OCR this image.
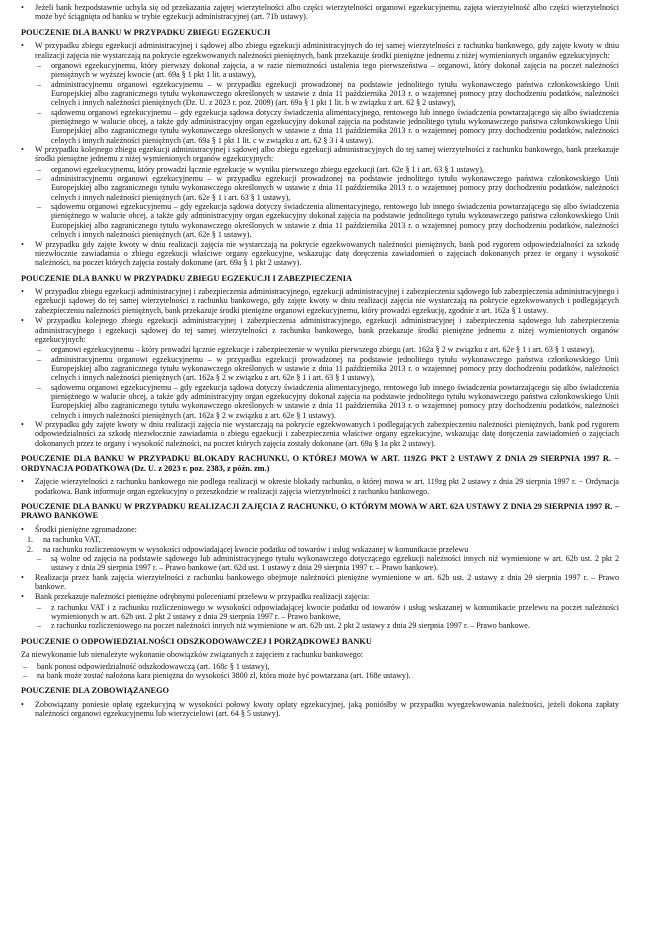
•	Jeżeli bank bezpodstawnie uchyla się od przekazania zajętej wierzytelności albo części wierzytelności organowi egzekucyjnemu, zajęta wierzytelność albo części wierzytelności może być ściągnięta od banku w trybie egzekucji administracyjnej (art. 71b ustawy).
POUCZENIE DLA BANKU W PRZYPADKU ZBIEGU EGZEKUCJI
•	W przypadku zbiegu egzekucji administracyjnej i sądowej albo zbiegu egzekucji administracyjnych do tej samej wierzytelności z rachunku bankowego, gdy zajęte kwoty w dniu realizacji zajęcia nie wystarczają na pokrycie egzekwowanych należności pieniężnych, bank przekazuje środki pieniężne jednemu z niżej wymienionych organów egzekucyjnych:
– organowi egzekucyjnemu, który pierwszy dokonał zajęcia, a w razie niemożności ustalenia tego pierwszeństwa – organowi, który dokonał zajęcia na poczet należności pieniężnych w wyższej kwocie (art. 69a § 1 pkt 1 lit. a ustawy),
– administracyjnemu organowi egzekucyjnemu – w przypadku egzekucji prowadzonej na podstawie jednolitego tytułu wykonawczego państwa członkowskiego Unii Europejskiej albo zagranicznego tytułu wykonawczego określonych w ustawie z dnia 11 października 2013 r. o wzajemnej pomocy przy dochodzeniu podatków, należności celnych i innych należności pieniężnych (Dz. U. z 2023 r. poz. 2009) (art. 69a § 1 pkt 1 lit. b w związku z art. 62 § 2 ustawy),
– sądowemu organowi egzekucyjnemu – gdy egzekucja sądowa dotyczy świadczenia alimentacyjnego, rentowego lub innego świadczenia powtarzającego się albo świadczenia pieniężnego w walucie obcej, a także gdy administracyjny organ egzekucyjny dokonał zajęcia na podstawie jednolitego tytułu wykonawczego państwa członkowskiego Unii Europejskiej albo zagranicznego tytułu wykonawczego określonych w ustawie z dnia 11 października 2013 r. o wzajemnej pomocy przy dochodzeniu podatków, należności celnych i innych należności pieniężnych (art. 69a § 1 pkt 1 lit. c w związku z art. 62 § 3 i 4 ustawy).
•	W przypadku kolejnego zbiegu egzekucji administracyjnej i sądowej albo zbiegu egzekucji administracyjnych do tej samej wierzytelności z rachunku bankowego, bank przekazuje środki pieniężne jednemu z niżej wymienionych organów egzekucyjnych:
– organowi egzekucyjnemu, który prowadzi łącznie egzekucje w wyniku pierwszego zbiegu egzekucji (art. 62e § 1 i art. 63 § 1 ustawy),
– administracyjnemu organowi egzekucyjnemu – w przypadku egzekucji prowadzonej na podstawie jednolitego tytułu wykonawczego państwa członkowskiego Unii Europejskiej albo zagranicznego tytułu wykonawczego określonych w ustawie z dnia 11 października 2013 r. o wzajemnej pomocy przy dochodzeniu podatków, należności celnych i innych należności pieniężnych (art. 62e § 1 i art. 63 § 1 ustawy),
– sądowemu organowi egzekucyjnemu – gdy egzekucja sądowa dotyczy świadczenia alimentacyjnego, rentowego lub innego świadczenia powtarzającego się albo świadczenia pieniężnego w walucie obcej, a także gdy administracyjny organ egzekucyjny dokonał zajęcia na podstawie jednolitego tytułu wykonawczego państwa członkowskiego Unii Europejskiej albo zagranicznego tytułu wykonawczego określonych w ustawie z dnia 11 października 2013 r. o wzajemnej pomocy przy dochodzeniu podatków, należności celnych i innych należności pieniężnych (art. 62e § 1 ustawy).
•	W przypadku gdy zajęte kwoty w dniu realizacji zajęcia nie wystarczają na pokrycie egzekwowanych należności pieniężnych, bank pod rygorem odpowiedzialności za szkodę niezwłocznie zawiadamia o zbiegu egzekucji właściwe organy egzekucyjne, wskazując datę doręczenia zawiadomień o zajęciach dokonanych przez te organy i wysokość należności, na poczet których zajęcia zostały dokonane (art. 69a § 1 pkt 2 ustawy).
POUCZENIE DLA BANKU W PRZYPADKU ZBIEGU EGZEKUCJI I ZABEZPIECZENIA
•	W przypadku zbiegu egzekucji administracyjnej i zabezpieczenia administracyjnego, egzekucji administracyjnej i zabezpieczenia sądowego lub zabezpieczenia administracyjnego i egzekucji sądowej do tej samej wierzytelności z rachunku bankowego, gdy zajęte kwoty w dniu realizacji zajęcia nie wystarczają na pokrycie egzekwowanych i podlegających zabezpieczeniu należności pieniężnych, bank przekazuje środki pieniężne organowi egzekucyjnemu, który prowadzi egzekucję, zgodnie z art. 162a § 1 ustawy.
•	W przypadku kolejnego zbiegu egzekucji administracyjnej i zabezpieczenia administracyjnego, egzekucji administracyjnej i zabezpieczenia sądowego lub zabezpieczenia administracyjnego i egzekucji sądowej do tej samej wierzytelności z rachunku bankowego, bank przekazuje środki pieniężne jednemu z niżej wymienionych organów egzekucyjnych:
– organowi egzekucyjnemu – który prowadzi łącznie egzekucje i zabezpieczenie w wyniku pierwszego zbiegu (art. 162a § 2 w związku z art. 62e § 1 i art. 63 § 1 ustawy),
– administracyjnemu organowi egzekucyjnemu – w przypadku egzekucji prowadzonej na podstawie jednolitego tytułu wykonawczego państwa członkowskiego Unii Europejskiej albo zagranicznego tytułu wykonawczego określonych w ustawie z dnia 11 października 2013 r. o wzajemnej pomocy przy dochodzeniu podatków, należności celnych i innych należności pieniężnych (art. 162a § 2 w związku z art. 62e § 1 i art. 63 § 1 ustawy),
– sądowemu organowi egzekucyjnemu – gdy egzekucja sądowa dotyczy świadczenia alimentacyjnego, rentowego lub innego świadczenia powtarzającego się albo świadczenia pieniężnego w walucie obcej, a także gdy administracyjny organ egzekucyjny dokonał zajęcia na podstawie jednolitego tytułu wykonawczego państwa członkowskiego Unii Europejskiej albo zagranicznego tytułu wykonawczego określonych w ustawie z dnia 11 października 2013 r. o wzajemnej pomocy przy dochodzeniu podatków, należności celnych i innych należności pieniężnych (art. 162a § 2 w związku z art. 62e § 1 ustawy).
•	W przypadku gdy zajęte kwoty w dniu realizacji zajęcia nie wystarczają na pokrycie egzekwowanych i podlegających zabezpieczeniu należności pieniężnych, bank pod rygorem odpowiedzialności za szkodę niezwłocznie zawiadamia o zbiegu egzekucji i zabezpieczenia właściwe organy egzekucyjne, wskazując datę doręczenia zawiadomień o zajęciach dokonanych przez te organy i wysokość należności, na poczet których zajęcia zostały dokonane (art. 69a § 1a pkt 2 ustawy).
POUCZENIE DLA BANKU W PRZYPADKU BLOKADY RACHUNKU, O KTÓREJ MOWA W ART. 119ZG PKT 2 USTAWY Z DNIA 29 SIERPNIA 1997 R. − ORDYNACJA PODATKOWA (Dz. U. z 2023 r. poz. 2383, z późn. zm.)
•	Zajęcie wierzytelności z rachunku bankowego nie podlega realizacji w okresie blokady rachunku, o której mowa w art. 119zg pkt 2 ustawy z dnia 29 sierpnia 1997 r. − Ordynacja podatkowa. Bank informuje organ egzekucyjny o przeszkodzie w realizacji zajęcia wierzytelności z rachunku bankowego.
POUCZENIE DLA BANKU W PRZYPADKU REALIZACJI ZAJĘCIA Z RACHUNKU, O KTÓRYM MOWA W ART. 62A USTAWY Z DNIA 29 SIERPNIA 1997 R. – PRAWO BANKOWE
•	Środki pieniężne zgromadzone:
1. na rachunku VAT,
2. na rachunku rozliczeniowym w wysokości odpowiadającej kwocie podatku od towarów i usług wskazanej w komunikacie przelewu
– są wolne od zajęcia na podstawie sądowego lub administracyjnego tytułu wykonawczego dotyczącego egzekucji należności innych niż wymienione w art. 62b ust. 2 pkt 2 ustawy z dnia 29 sierpnia 1997 r. – Prawo bankowe (art. 62d ust. 1 ustawy z dnia 29 sierpnia 1997 r. – Prawo bankowe).
•	Realizacja przez bank zajęcia wierzytelności z rachunku bankowego obejmuje należności pieniężne wymienione w art. 62b ust. 2 ustawy z dnia 29 sierpnia 1997 r. – Prawo bankowe.
•	Bank przekazuje należności pieniężne odrębnymi poleceniami przelewu w przypadku realizacji zajęcia:
– z rachunku VAT i z rachunku rozliczeniowego w wysokości odpowiadającej kwocie podatku od towarów i usług wskazanej w komunikacie przelewu na poczet należności wymienionych w art. 62b ust. 2 pkt 2 ustawy z dnia 29 sierpnia 1997 r. – Prawo bankowe,
– z rachunku rozliczeniowego na poczet należności innych niż wymienione w art. 62b ust. 2 pkt 2 ustawy z dnia 29 sierpnia 1997 r. – Prawo bankowe.
POUCZENIE O ODPOWIEDZIALNOŚCI ODSZKODOWAWCZEJ I PORZĄDKOWEJ BANKU
Za niewykonanie lub nienależyte wykonanie obowiązków związanych z zajęciem z rachunku bankowego:
– bank ponosi odpowiedzialność odszkodowawczą (art. 168c § 1 ustawy),
– na bank może zostać nałożona kara pieniężna do wysokości 3800 zł, która może być powtarzana (art. 168e ustawy).
POUCZENIE DLA ZOBOWIĄZANEGO
•	Zobowiązany poniesie opłatę egzekucyjną w wysokości połowy kwoty opłaty egzekucyjnej, jaką poniósłby w przypadku wyegzekwowania należności, jeżeli dokona zapłaty należności organowi egzekucyjnemu lub wierzycielowi (art. 64 § 5 ustawy).
